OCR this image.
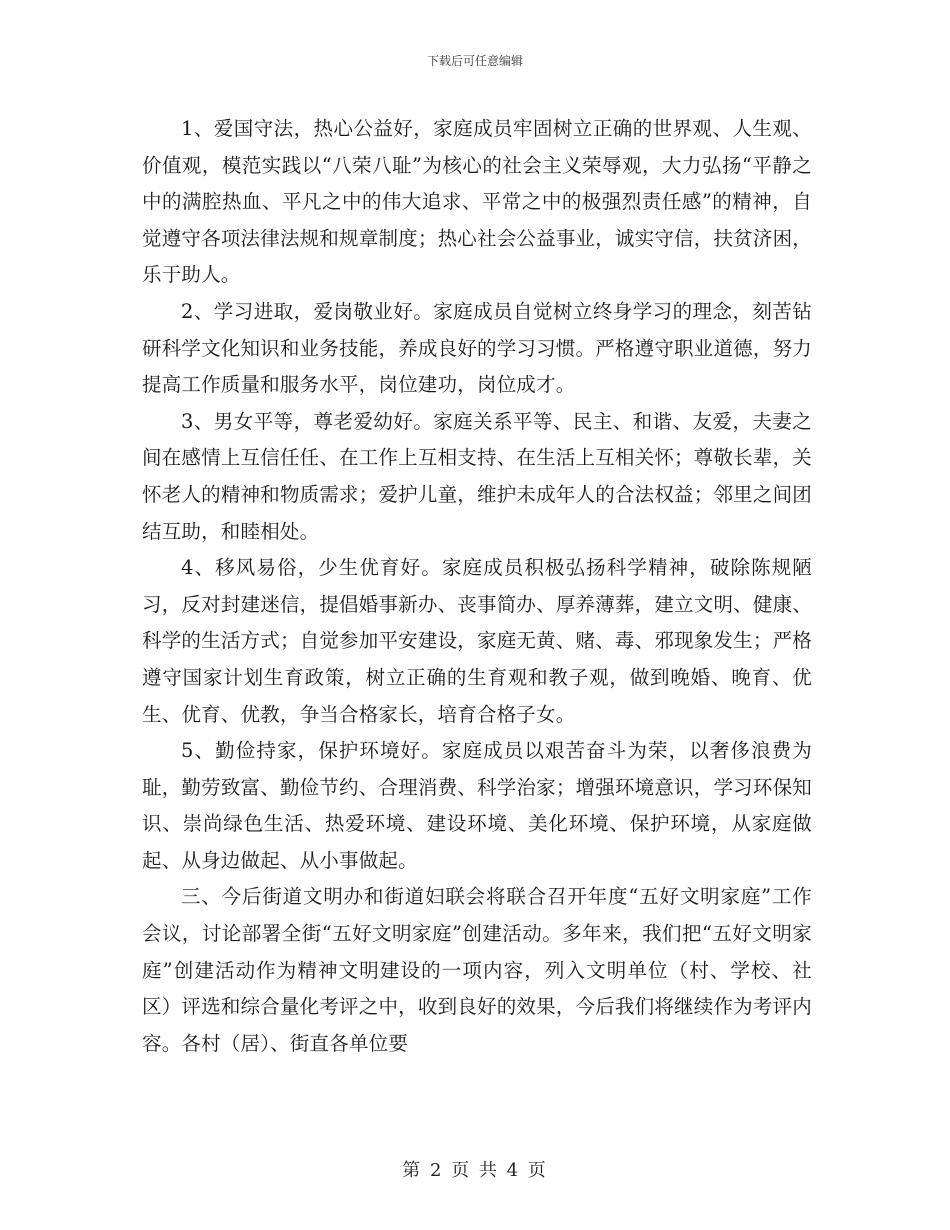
下载后可任意编辑

1、爱国守法，热心公益好，家庭成员牢固树立正确的世界观、人生观、价值观，模范实践以“八荣八耻”为核心的社会主义荣辱观，大力弘扬“平静之中的满腔热血、平凡之中的伟大追求、平常之中的极强烈责任感”的精神，自觉遵守各项法律法规和规章制度；热心社会公益事业，诚实守信，扶贫济困，乐于助人。

2、学习进取，爱岗敬业好。家庭成员自觉树立终身学习的理念，刻苦钻研科学文化知识和业务技能，养成良好的学习习惯。严格遵守职业道德，努力提高工作质量和服务水平，岗位建功，岗位成才。

3、男女平等，尊老爱幼好。家庭关系平等、民主、和谐、友爱，夫妻之间在感情上互信任任、在工作上互相支持、在生活上互相关怀；尊敬长辈，关怀老人的精神和物质需求；爱护儿童，维护未成年人的合法权益；邻里之间团结互助，和睦相处。

4、移风易俗，少生优育好。家庭成员积极弘扬科学精神，破除陈规陋习，反对封建迷信，提倡婚事新办、丧事简办、厚养薄葬，建立文明、健康、科学的生活方式；自觉参加平安建设，家庭无黄、赌、毒、邪现象发生；严格遵守国家计划生育政策，树立正确的生育观和教子观，做到晚婚、晚育、优生、优育、优教，争当合格家长，培育合格子女。

5、勤俭持家，保护环境好。家庭成员以艰苦奋斗为荣，以奢侈浪费为耻，勤劳致富、勤俭节约、合理消费、科学治家；增强环境意识，学习环保知识、崇尚绿色生活、热爱环境、建设环境、美化环境、保护环境，从家庭做起、从身边做起、从小事做起。

三、今后街道文明办和街道妇联会将联合召开年度“五好文明家庭”工作会议，讨论部署全街“五好文明家庭”创建活动。多年来，我们把“五好文明家庭”创建活动作为精神文明建设的一项内容，列入文明单位（村、学校、社区）评选和综合量化考评之中，收到良好的效果，今后我们将继续作为考评内容。各村（居）、街直各单位要

第 2 页 共 4 页
